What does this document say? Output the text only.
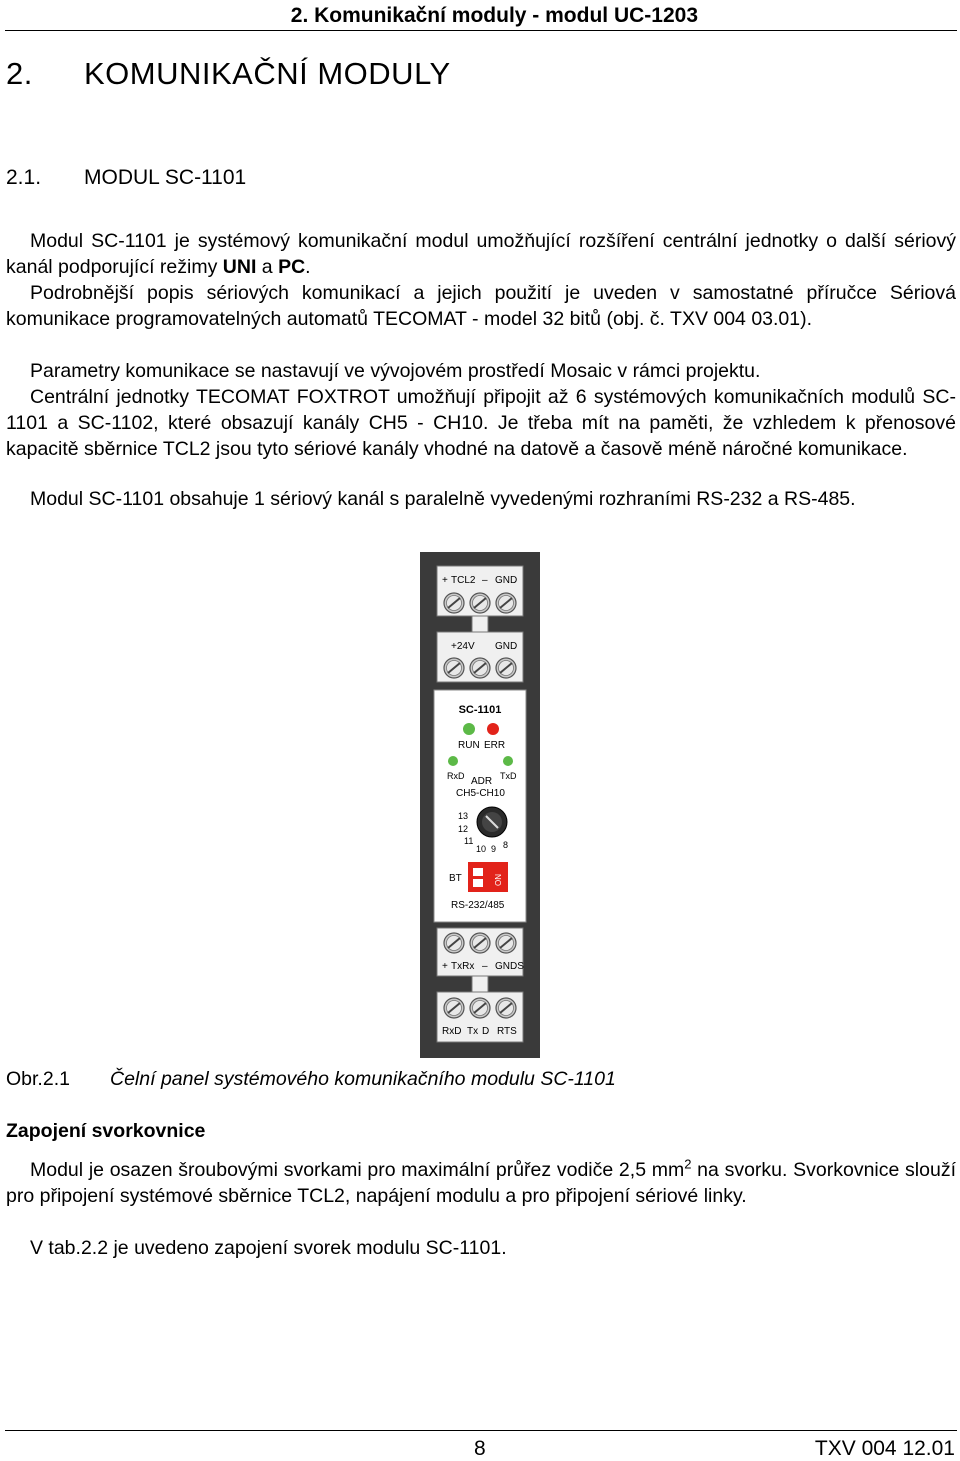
2. Komunikační moduly - modul UC-1203
2. KOMUNIKAČNÍ MODULY
2.1. MODUL SC-1101
Modul SC-1101 je systémový komunikační modul umožňující rozšíření centrální jednotky o další sériový kanál podporující režimy UNI a PC.
Podrobnější popis sériových komunikací a jejich použití je uveden v samostatné příručce Sériová komunikace programovatelných automatů TECOMAT - model 32 bitů (obj. č. TXV 004 03.01).
Parametry komunikace se nastavují ve vývojovém prostředí Mosaic v rámci projektu.
Centrální jednotky TECOMAT FOXTROT umožňují připojit až 6 systémových komunikačních modulů SC-1101 a SC-1102, které obsazují kanály CH5 - CH10. Je třeba mít na paměti, že vzhledem k přenosové kapacitě sběrnice TCL2 jsou tyto sériové kanály vhodné na datově a časově méně náročné komunikace.
Modul SC-1101 obsahuje 1 sériový kanál s paralelně vyvedenými rozhraními RS-232 a RS-485.
+ TCL2 – GND
+24V GND
SC-1101
RUN ERR
RxD	TxD
ADR
CH5-CH10
13
12
11
10 9 8
BT	ON
RS-232/485
+ TxRx – GNDS
RxD Tx D RTS
Obr.2.1 Čelní panel systémového komunikačního modulu SC-1101
Zapojení svorkovnice
Modul je osazen šroubovými svorkami pro maximální průřez vodiče 2,5 $mm^2$ na svorku. Svorkovnice slouží pro připojení systémové sběrnice TCL2, napájení modulu a pro připojení sériové linky.
V tab.2.2 je uvedeno zapojení svorek modulu SC-1101.
8	TXV 004 12.01
